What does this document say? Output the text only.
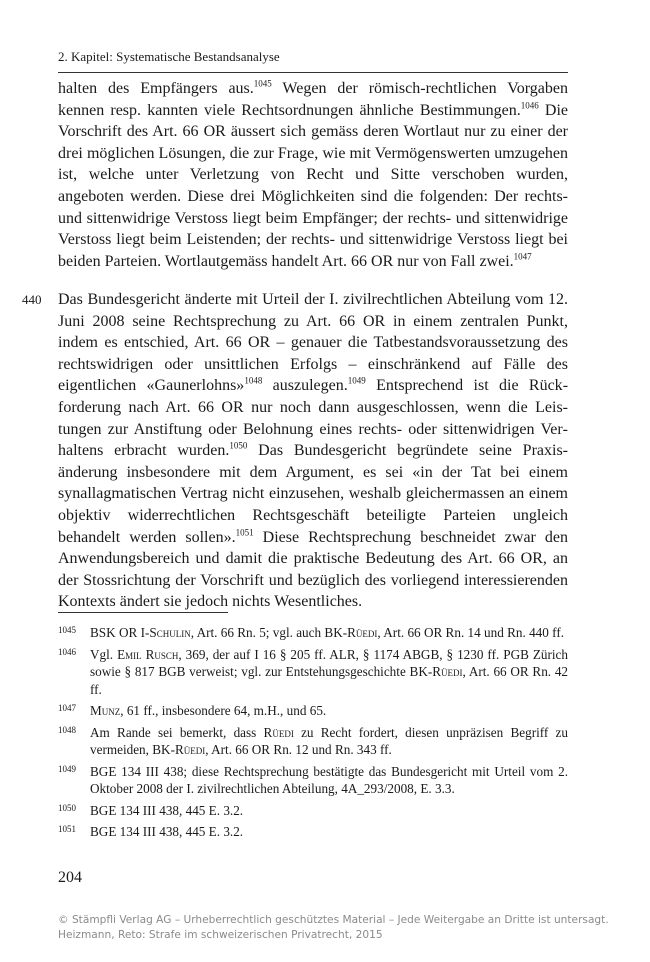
2. Kapitel: Systematische Bestandsanalyse
halten des Empfängers aus.$^{1045}$ Wegen der römisch-rechtlichen Vorgaben kennen resp. kannten viele Rechtsordnungen ähnliche Bestimmungen.$^{1046}$ Die Vorschrift des Art. 66 OR äussert sich gemäss deren Wortlaut nur zu einer der drei möglichen Lösungen, die zur Frage, wie mit Vermögenswerten umzugehen ist, welche unter Verletzung von Recht und Sitte verschoben wurden, angeboten werden. Diese drei Möglichkeiten sind die folgenden: Der rechts- und sittenwidrige Verstoss liegt beim Empfänger; der rechts- und sittenwidrige Verstoss liegt beim Leistenden; der rechts- und sittenwidrige Verstoss liegt bei beiden Parteien. Wortlautgemäss handelt Art. 66 OR nur von Fall zwei.$^{1047}$
440 Das Bundesgericht änderte mit Urteil der I. zivilrechtlichen Abteilung vom 12. Juni 2008 seine Rechtsprechung zu Art. 66 OR in einem zentralen Punkt, indem es entschied, Art. 66 OR – genauer die Tatbestandsvoraussetzung des rechtswidrigen oder unsittlichen Erfolgs – einschränkend auf Fälle des eigentlichen «Gaunerlohns»$^{1048}$ auszulegen.$^{1049}$ Entsprechend ist die Rückforderung nach Art. 66 OR nur noch dann ausgeschlossen, wenn die Leistungen zur Anstiftung oder Belohnung eines rechts- oder sittenwidrigen Verhaltens erbracht wurden.$^{1050}$ Das Bundesgericht begründete seine Praxisänderung insbesondere mit dem Argument, es sei «in der Tat bei einem synallagmatischen Vertrag nicht einzusehen, weshalb gleichermassen an einem objektiv widerrechtlichen Rechtsgeschäft beteiligte Parteien ungleich behandelt werden sollen».$^{1051}$ Diese Rechtsprechung beschneidet zwar den Anwendungsbereich und damit die praktische Bedeutung des Art. 66 OR, an der Stossrichtung der Vorschrift und bezüglich des vorliegend interessierenden Kontexts ändert sie jedoch nichts Wesentliches.
1045	BSK OR I-Schulin, Art. 66 Rn. 5; vgl. auch BK-Rüedi, Art. 66 OR Rn. 14 und Rn. 440 ff.
1046	Vgl. Emil Rusch, 369, der auf I 16 § 205 ff. ALR, § 1174 ABGB, § 1230 ff. PGB Zürich sowie § 817 BGB verweist; vgl. zur Entstehungsgeschichte BK-Rüedi, Art. 66 OR Rn. 42 ff.
1047	Munz, 61 ff., insbesondere 64, m.H., und 65.
1048	Am Rande sei bemerkt, dass Rüedi zu Recht fordert, diesen unpräzisen Begriff zu vermeiden, BK-Rüedi, Art. 66 OR Rn. 12 und Rn. 343 ff.
1049	BGE 134 III 438; diese Rechtsprechung bestätigte das Bundesgericht mit Urteil vom 2. Oktober 2008 der I. zivilrechtlichen Abteilung, 4A_293/2008, E. 3.3.
1050	BGE 134 III 438, 445 E. 3.2.
1051	BGE 134 III 438, 445 E. 3.2.
204
© Stämpfli Verlag AG – Urheberrechtlich geschütztes Material – Jede Weitergabe an Dritte ist untersagt.
Heizmann, Reto: Strafe im schweizerischen Privatrecht, 2015
